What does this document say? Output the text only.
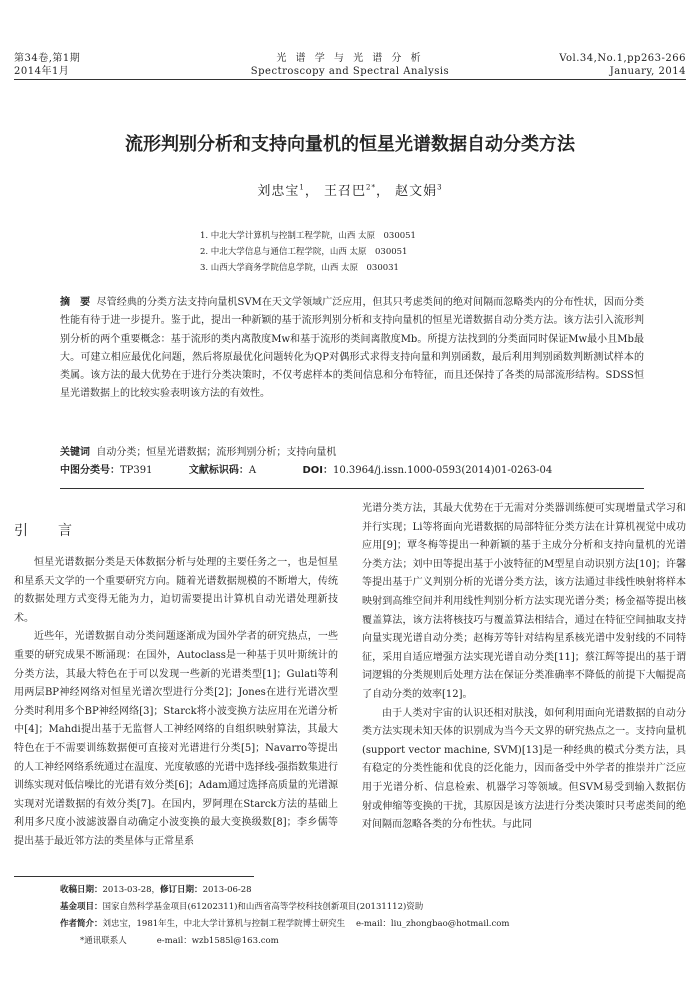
第34卷,第1期
2014年1月
光 谱 学 与 光 谱 分 析
Spectroscopy and Spectral Analysis
Vol.34,No.1,pp263-266
January, 2014
流形判别分析和支持向量机的恒星光谱数据自动分类方法
刘忠宝$^1$， 王召巴$^{2*}$， 赵文娟$^3$
1. 中北大学计算机与控制工程学院，山西 太原　030051
2. 中北大学信息与通信工程学院，山西 太原　030051
3. 山西大学商务学院信息学院，山西 太原　030031
摘　要 尽管经典的分类方法支持向量机SVM在天文学领域广泛应用，但其只考虑类间的绝对间隔而忽略类内的分布性状，因而分类性能有待于进一步提升。鉴于此，提出一种新颖的基于流形判别分析和支持向量机的恒星光谱数据自动分类方法。该方法引入流形判别分析的两个重要概念：基于流形的类内离散度Mw和基于流形的类间离散度Mb。所提方法找到的分类面同时保证Mw最小且Mb最大。可建立相应最优化问题，然后将原最优化问题转化为QP对偶形式求得支持向量和判别函数，最后利用判别函数判断测试样本的类属。该方法的最大优势在于进行分类决策时，不仅考虑样本的类间信息和分布特征，而且还保持了各类的局部流形结构。SDSS恒星光谱数据上的比较实验表明该方法的有效性。
关键词 自动分类；恒星光谱数据；流形判别分析；支持向量机
中图分类号：TP391	文献标识码：A	DOI：10.3964/j.issn.1000-0593(2014)01-0263-04
引　言

恒星光谱数据分类是天体数据分析与处理的主要任务之一，也是恒星和星系天文学的一个重要研究方向。随着光谱数据规模的不断增大，传统的数据处理方式变得无能为力，迫切需要提出计算机自动光谱处理新技术。

近些年，光谱数据自动分类问题逐渐成为国外学者的研究热点，一些重要的研究成果不断涌现：在国外，Autoclass是一种基于贝叶斯统计的分类方法，其最大特色在于可以发现一些新的光谱类型[1]；Gulati等利用两层BP神经网络对恒星光谱次型进行分类[2]；Jones在进行光谱次型分类时利用多个BP神经网络[3]；Starck将小波变换方法应用在光谱分析中[4]；Mahdi提出基于无监督人工神经网络的自组织映射算法，其最大特色在于不需要训练数据便可直接对光谱进行分类[5]；Navarro等提出的人工神经网络系统通过在温度、光度敏感的光谱中选择线-强指数集进行训练实现对低信噪比的光谱有效分类[6]；Adam通过选择高质量的光谱源实现对光谱数据的有效分类[7]。在国内，罗阿理在Starck方法的基础上利用多尺度小波滤波器自动确定小波变换的最大变换级数[8]；李乡儒等提出基于最近邻方法的类星体与正常星系

光谱分类方法，其最大优势在于无需对分类器训练便可实现增量式学习和并行实现；Li等将面向光谱数据的局部特征分类方法在计算机视觉中成功应用[9]；覃冬梅等提出一种新颖的基于主成分分析和支持向量机的光谱分类方法；刘中田等提出基于小波特征的M型星自动识别方法[10]；许馨等提出基于广义判别分析的光谱分类方法，该方法通过非线性映射将样本映射到高维空间并利用线性判别分析方法实现光谱分类；杨金福等提出核覆盖算法，该方法将核技巧与覆盖算法相结合，通过在特征空间抽取支持向量实现光谱自动分类；赵梅芳等针对结构星系核光谱中发射线的不同特征，采用自适应增强方法实现光谱自动分类[11]；蔡江辉等提出的基于谓词逻辑的分类规则后处理方法在保证分类准确率不降低的前提下大幅提高了自动分类的效率[12]。

由于人类对宇宙的认识还相对肤浅，如何利用面向光谱数据的自动分类方法实现未知天体的识别成为当今天文界的研究热点之一。支持向量机(support vector machine, SVM)[13]是一种经典的模式分类方法，具有稳定的分类性能和优良的泛化能力，因而备受中外学者的推崇并广泛应用于光谱分析、信息检索、机器学习等领域。但SVM易受到输入数据仿射或伸缩等变换的干扰，其原因是该方法进行分类决策时只考虑类间的绝对间隔而忽略各类的分布性状。与此同

收稿日期：2013-03-28，修订日期：2013-06-28
基金项目：国家自然科学基金项目(61202311)和山西省高等学校科技创新项目(20131112)资助
作者简介：刘忠宝，1981年生，中北大学计算机与控制工程学院博士研究生 e-mail：liu_zhongbao@hotmail.com
*通讯联系人	e-mail：wzb1585l@163.com
